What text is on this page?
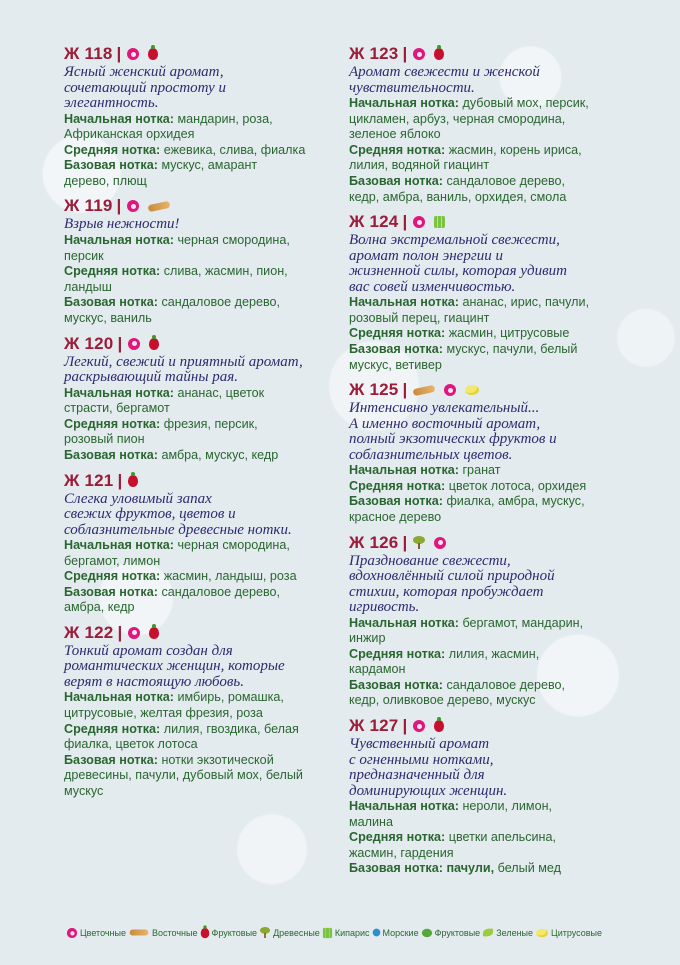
Ж 118 |
Ясный женский аромат,
сочетающий простоту и
элегантность.
Начальная нотка: мандарин, роза,
Африканская орхидея
Средняя нотка: ежевика, слива, фиалка
Базовая нотка: мускус, амарант
дерево, плющ
Ж 119 |
Взрыв нежности!
Начальная нотка: черная смородина,
персик
Средняя нотка: слива, жасмин, пион,
ландыш
Базовая нотка: сандаловое дерево,
мускус, ваниль
Ж 120 |
Легкий, свежий и приятный аромат,
раскрывающий тайны рая.
Начальная нотка: ананас, цветок
страсти, бергамот
Средняя нотка: фрезия, персик,
розовый пион
Базовая нотка: амбра, мускус, кедр
Ж 121 |
Слегка уловимый запах
свежих фруктов, цветов и
соблазнительные древесные нотки.
Начальная нотка: черная смородина,
бергамот, лимон
Средняя нотка: жасмин, ландыш, роза
Базовая нотка: сандаловое дерево,
амбра, кедр
Ж 122 |
Тонкий аромат создан для
романтических женщин, которые
верят в настоящую любовь.
Начальная нотка: имбирь, ромашка,
цитрусовые, желтая фрезия, роза
Средняя нотка: лилия, гвоздика, белая
фиалка, цветок лотоса
Базовая нотка: нотки экзотической
древесины, пачули, дубовый мох, белый
мускус
Ж 123 |
Аромат свежести и женской
чувствительности.
Начальная нотка: дубовый мох, персик,
цикламен, арбуз, черная смородина,
зеленое яблоко
Средняя нотка: жасмин, корень ириса,
лилия, водяной гиацинт
Базовая нотка: сандаловое дерево,
кедр, амбра, ваниль, орхидея, смола
Ж 124 |
Волна экстремальной свежести,
аромат полон энергии и
жизненной силы, которая удивит
вас совей изменчивостью.
Начальная нотка: ананас, ирис, пачули,
розовый перец, гиацинт
Средняя нотка: жасмин, цитрусовые
Базовая нотка: мускус, пачули, белый
мускус, ветивер
Ж 125 |
Интенсивно увлекательный...
А именно восточный аромат,
полный экзотических фруктов и
соблазнительных цветов.
Начальная нотка: гранат
Средняя нотка: цветок лотоса, орхидея
Базовая нотка: фиалка, амбра, мускус,
красное дерево
Ж 126 |
Празднование свежести,
вдохновлённый силой природной
стихии, которая пробуждает
игривость.
Начальная нотка: бергамот, мандарин,
инжир
Средняя нотка: лилия, жасмин,
кардамон
Базовая нотка: сандаловое дерево,
кедр, оливковое дерево, мускус
Ж 127 |
Чувственный аромат
с огненными нотками,
предназначенный для
доминирующих женщин.
Начальная нотка: нероли, лимон,
малина
Средняя нотка: цветки апельсина,
жасмин, гардения
Базовая нотка: пачули, белый мед
Цветочные	Восточные Фруктовые Древесные Кипарис Морские Фруктовые Зеленые Цитрусовые
